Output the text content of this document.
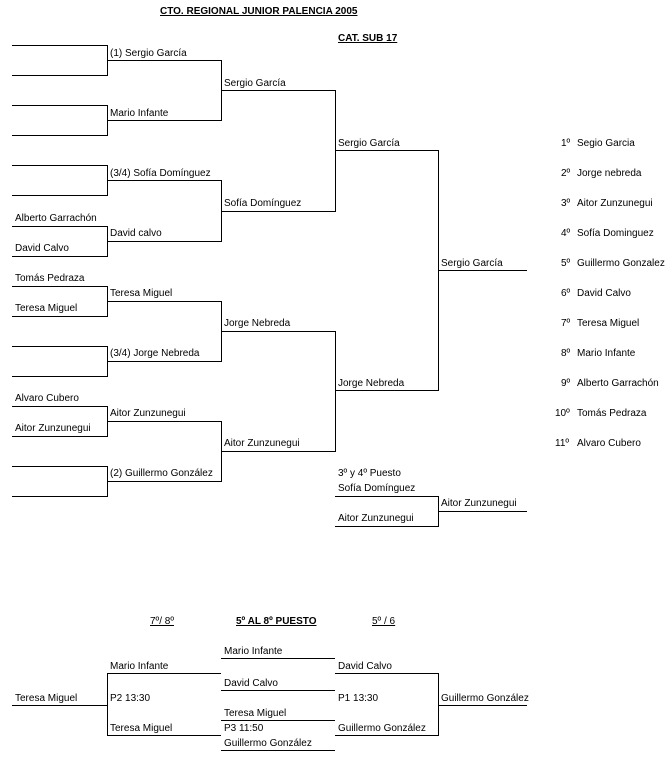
CTO. REGIONAL JUNIOR PALENCIA 2005
CAT. SUB 17
Alberto Garrachón
David Calvo
Tomás Pedraza
Teresa Miguel
Alvaro Cubero
Aitor Zunzunegui
(1) Sergio García
Mario Infante
(3/4) Sofía Domínguez
David calvo
Teresa Miguel
(3/4) Jorge Nebreda
Aitor Zunzunegui
(2) Guillermo González
Sergio García
Sofía Domínguez
Jorge Nebreda
Aitor Zunzunegui
Sergio García
Jorge Nebreda
Sergio García
3º y 4º Puesto
Sofía Domínguez
Aitor Zunzunegui
Aitor Zunzunegui
1º Segio Garcia
2º Jorge nebreda
3º Aitor Zunzunegui
4º Sofía Dominguez
5º Guillermo Gonzalez
6º David Calvo
7º Teresa Miguel
8º Mario Infante
9º Alberto Garrachón
10º Tomás Pedraza
11º Alvaro Cubero
7º/ 8º	5º AL 8º PUESTO	5º / 6
Mario Infante
David Calvo
Teresa Miguel
P3 11:50
Guillermo González
Mario Infante
P2 13:30
Teresa Miguel
Teresa Miguel
David Calvo
P1 13:30
Guillermo González
Guillermo González
